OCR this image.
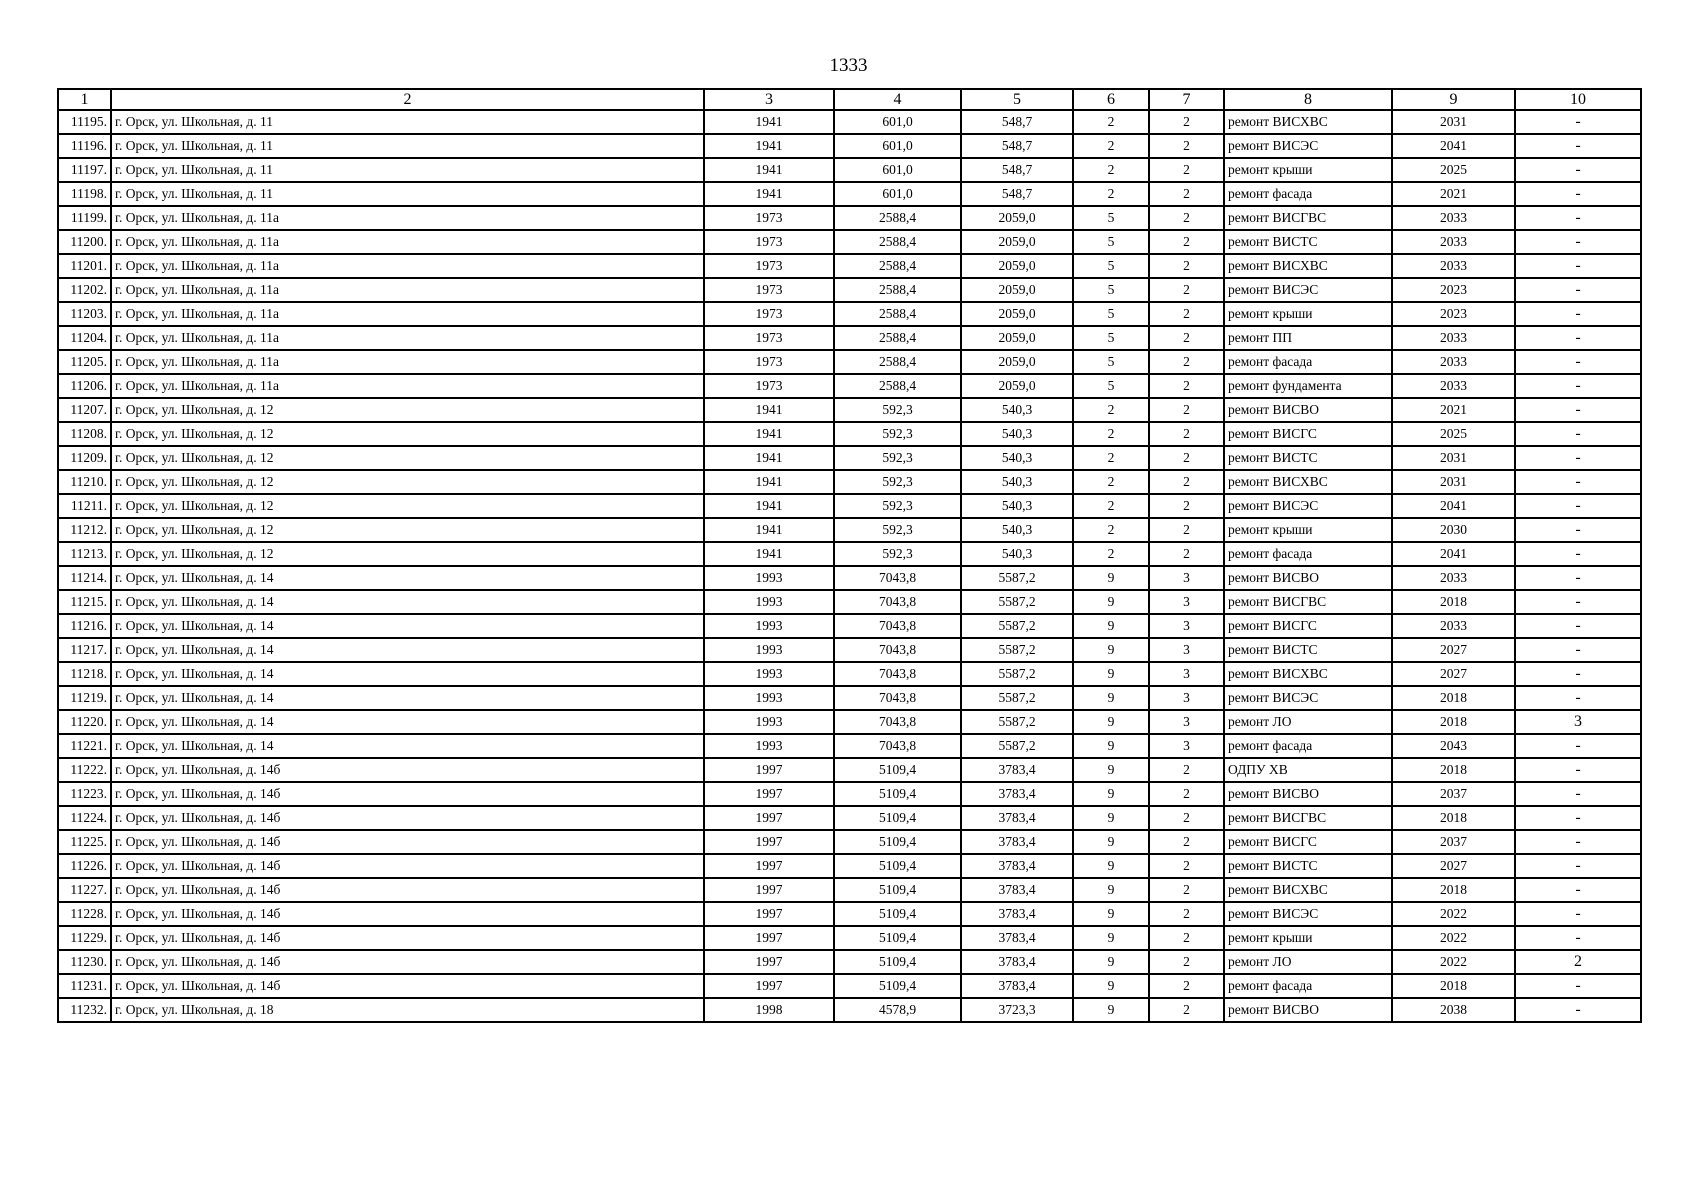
1333
1	2	3	4	5	6	7	8	9	10
11195.	г. Орск, ул. Школьная, д. 11	1941	601,0	548,7	2	2	ремонт ВИСХВС	2031	-
11196.	г. Орск, ул. Школьная, д. 11	1941	601,0	548,7	2	2	ремонт ВИСЭС	2041	-
11197.	г. Орск, ул. Школьная, д. 11	1941	601,0	548,7	2	2	ремонт крыши	2025	-
11198.	г. Орск, ул. Школьная, д. 11	1941	601,0	548,7	2	2	ремонт фасада	2021	-
11199.	г. Орск, ул. Школьная, д. 11а	1973	2588,4	2059,0	5	2	ремонт ВИСГВС	2033	-
11200.	г. Орск, ул. Школьная, д. 11а	1973	2588,4	2059,0	5	2	ремонт ВИСТС	2033	-
11201.	г. Орск, ул. Школьная, д. 11а	1973	2588,4	2059,0	5	2	ремонт ВИСХВС	2033	-
11202.	г. Орск, ул. Школьная, д. 11а	1973	2588,4	2059,0	5	2	ремонт ВИСЭС	2023	-
11203.	г. Орск, ул. Школьная, д. 11а	1973	2588,4	2059,0	5	2	ремонт крыши	2023	-
11204.	г. Орск, ул. Школьная, д. 11а	1973	2588,4	2059,0	5	2	ремонт ПП	2033	-
11205.	г. Орск, ул. Школьная, д. 11а	1973	2588,4	2059,0	5	2	ремонт фасада	2033	-
11206.	г. Орск, ул. Школьная, д. 11а	1973	2588,4	2059,0	5	2	ремонт фундамента	2033	-
11207.	г. Орск, ул. Школьная, д. 12	1941	592,3	540,3	2	2	ремонт ВИСВО	2021	-
11208.	г. Орск, ул. Школьная, д. 12	1941	592,3	540,3	2	2	ремонт ВИСГС	2025	-
11209.	г. Орск, ул. Школьная, д. 12	1941	592,3	540,3	2	2	ремонт ВИСТС	2031	-
11210.	г. Орск, ул. Школьная, д. 12	1941	592,3	540,3	2	2	ремонт ВИСХВС	2031	-
11211.	г. Орск, ул. Школьная, д. 12	1941	592,3	540,3	2	2	ремонт ВИСЭС	2041	-
11212.	г. Орск, ул. Школьная, д. 12	1941	592,3	540,3	2	2	ремонт крыши	2030	-
11213.	г. Орск, ул. Школьная, д. 12	1941	592,3	540,3	2	2	ремонт фасада	2041	-
11214.	г. Орск, ул. Школьная, д. 14	1993	7043,8	5587,2	9	3	ремонт ВИСВО	2033	-
11215.	г. Орск, ул. Школьная, д. 14	1993	7043,8	5587,2	9	3	ремонт ВИСГВС	2018	-
11216.	г. Орск, ул. Школьная, д. 14	1993	7043,8	5587,2	9	3	ремонт ВИСГС	2033	-
11217.	г. Орск, ул. Школьная, д. 14	1993	7043,8	5587,2	9	3	ремонт ВИСТС	2027	-
11218.	г. Орск, ул. Школьная, д. 14	1993	7043,8	5587,2	9	3	ремонт ВИСХВС	2027	-
11219.	г. Орск, ул. Школьная, д. 14	1993	7043,8	5587,2	9	3	ремонт ВИСЭС	2018	-
11220.	г. Орск, ул. Школьная, д. 14	1993	7043,8	5587,2	9	3	ремонт ЛО	2018	3
11221.	г. Орск, ул. Школьная, д. 14	1993	7043,8	5587,2	9	3	ремонт фасада	2043	-
11222.	г. Орск, ул. Школьная, д. 14б	1997	5109,4	3783,4	9	2	ОДПУ ХВ	2018	-
11223.	г. Орск, ул. Школьная, д. 14б	1997	5109,4	3783,4	9	2	ремонт ВИСВО	2037	-
11224.	г. Орск, ул. Школьная, д. 14б	1997	5109,4	3783,4	9	2	ремонт ВИСГВС	2018	-
11225.	г. Орск, ул. Школьная, д. 14б	1997	5109,4	3783,4	9	2	ремонт ВИСГС	2037	-
11226.	г. Орск, ул. Школьная, д. 14б	1997	5109,4	3783,4	9	2	ремонт ВИСТС	2027	-
11227.	г. Орск, ул. Школьная, д. 14б	1997	5109,4	3783,4	9	2	ремонт ВИСХВС	2018	-
11228.	г. Орск, ул. Школьная, д. 14б	1997	5109,4	3783,4	9	2	ремонт ВИСЭС	2022	-
11229.	г. Орск, ул. Школьная, д. 14б	1997	5109,4	3783,4	9	2	ремонт крыши	2022	-
11230.	г. Орск, ул. Школьная, д. 14б	1997	5109,4	3783,4	9	2	ремонт ЛО	2022	2
11231.	г. Орск, ул. Школьная, д. 14б	1997	5109,4	3783,4	9	2	ремонт фасада	2018	-
11232.	г. Орск, ул. Школьная, д. 18	1998	4578,9	3723,3	9	2	ремонт ВИСВО	2038	-
